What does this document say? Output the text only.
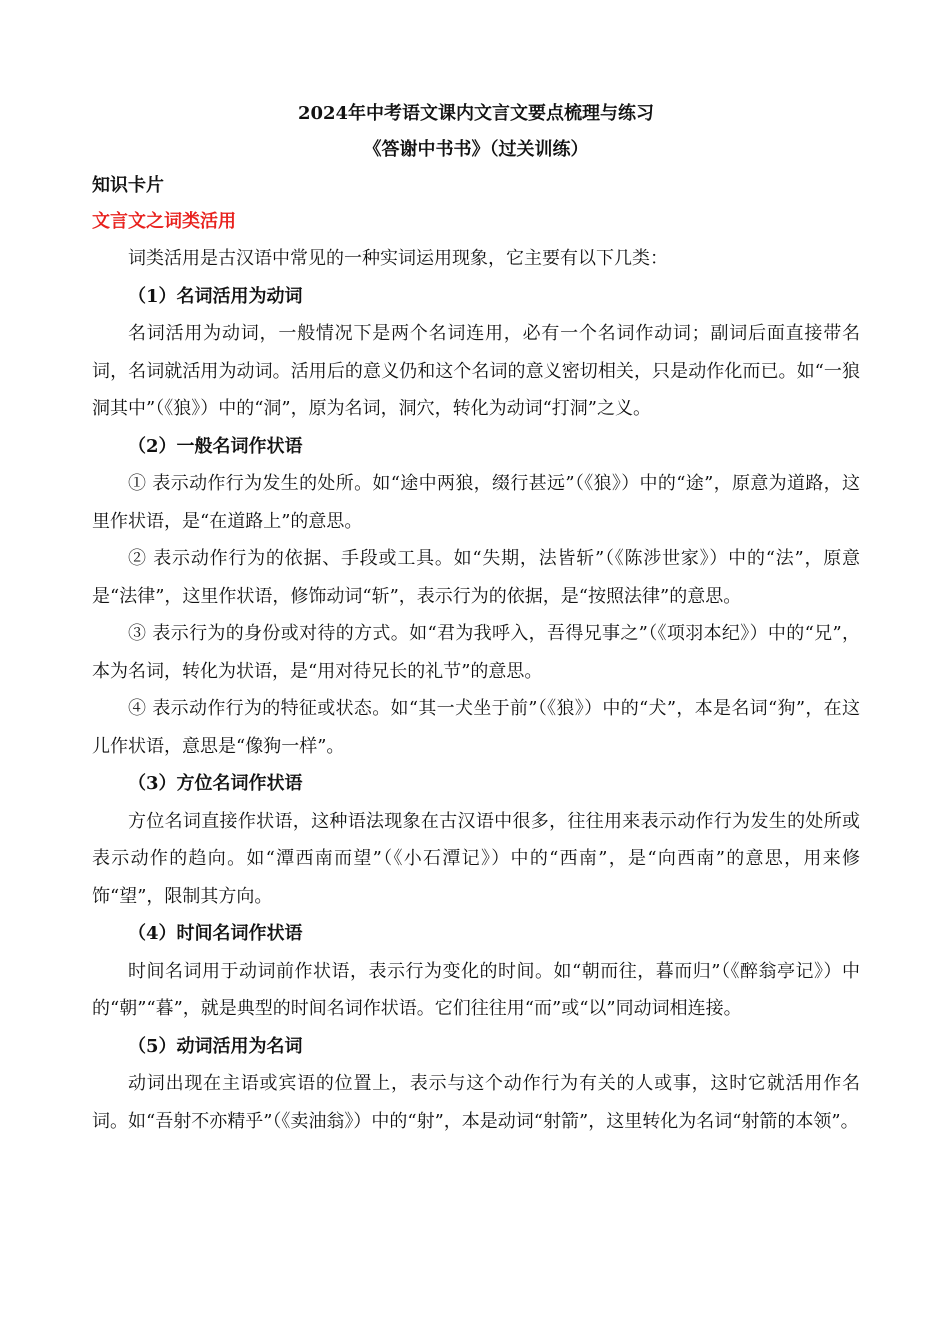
2024年中考语文课内文言文要点梳理与练习

《答谢中书书》（过关训练）

知识卡片

文言文之词类活用

词类活用是古汉语中常见的一种实词运用现象，它主要有以下几类：

（1）名词活用为动词

名词活用为动词，一般情况下是两个名词连用，必有一个名词作动词；副词后面直接带名词，名词就活用为动词。活用后的意义仍和这个名词的意义密切相关，只是动作化而已。如“一狼洞其中”（《狼》）中的“洞”，原为名词，洞穴，转化为动词“打洞”之义。

（2）一般名词作状语

① 表示动作行为发生的处所。如“途中两狼，缀行甚远”（《狼》）中的“途”，原意为道路，这里作状语，是“在道路上”的意思。

② 表示动作行为的依据、手段或工具。如“失期，法皆斩”（《陈涉世家》）中的“法”，原意是“法律”，这里作状语，修饰动词“斩”，表示行为的依据，是“按照法律”的意思。

③ 表示行为的身份或对待的方式。如“君为我呼入，吾得兄事之”（《项羽本纪》）中的“兄”，本为名词，转化为状语，是“用对待兄长的礼节”的意思。

④ 表示动作行为的特征或状态。如“其一犬坐于前”（《狼》）中的“犬”，本是名词“狗”，在这儿作状语，意思是“像狗一样”。

（3）方位名词作状语

方位名词直接作状语，这种语法现象在古汉语中很多，往往用来表示动作行为发生的处所或表示动作的趋向。如“潭西南而望”（《小石潭记》）中的“西南”，是“向西南”的意思，用来修饰“望”，限制其方向。

（4）时间名词作状语

时间名词用于动词前作状语，表示行为变化的时间。如“朝而往，暮而归”（《醉翁亭记》）中的“朝”“暮”，就是典型的时间名词作状语。它们往往用“而”或“以”同动词相连接。

（5）动词活用为名词

动词出现在主语或宾语的位置上，表示与这个动作行为有关的人或事，这时它就活用作名词。如“吾射不亦精乎”（《卖油翁》）中的“射”，本是动词“射箭”，这里转化为名词“射箭的本领”。
